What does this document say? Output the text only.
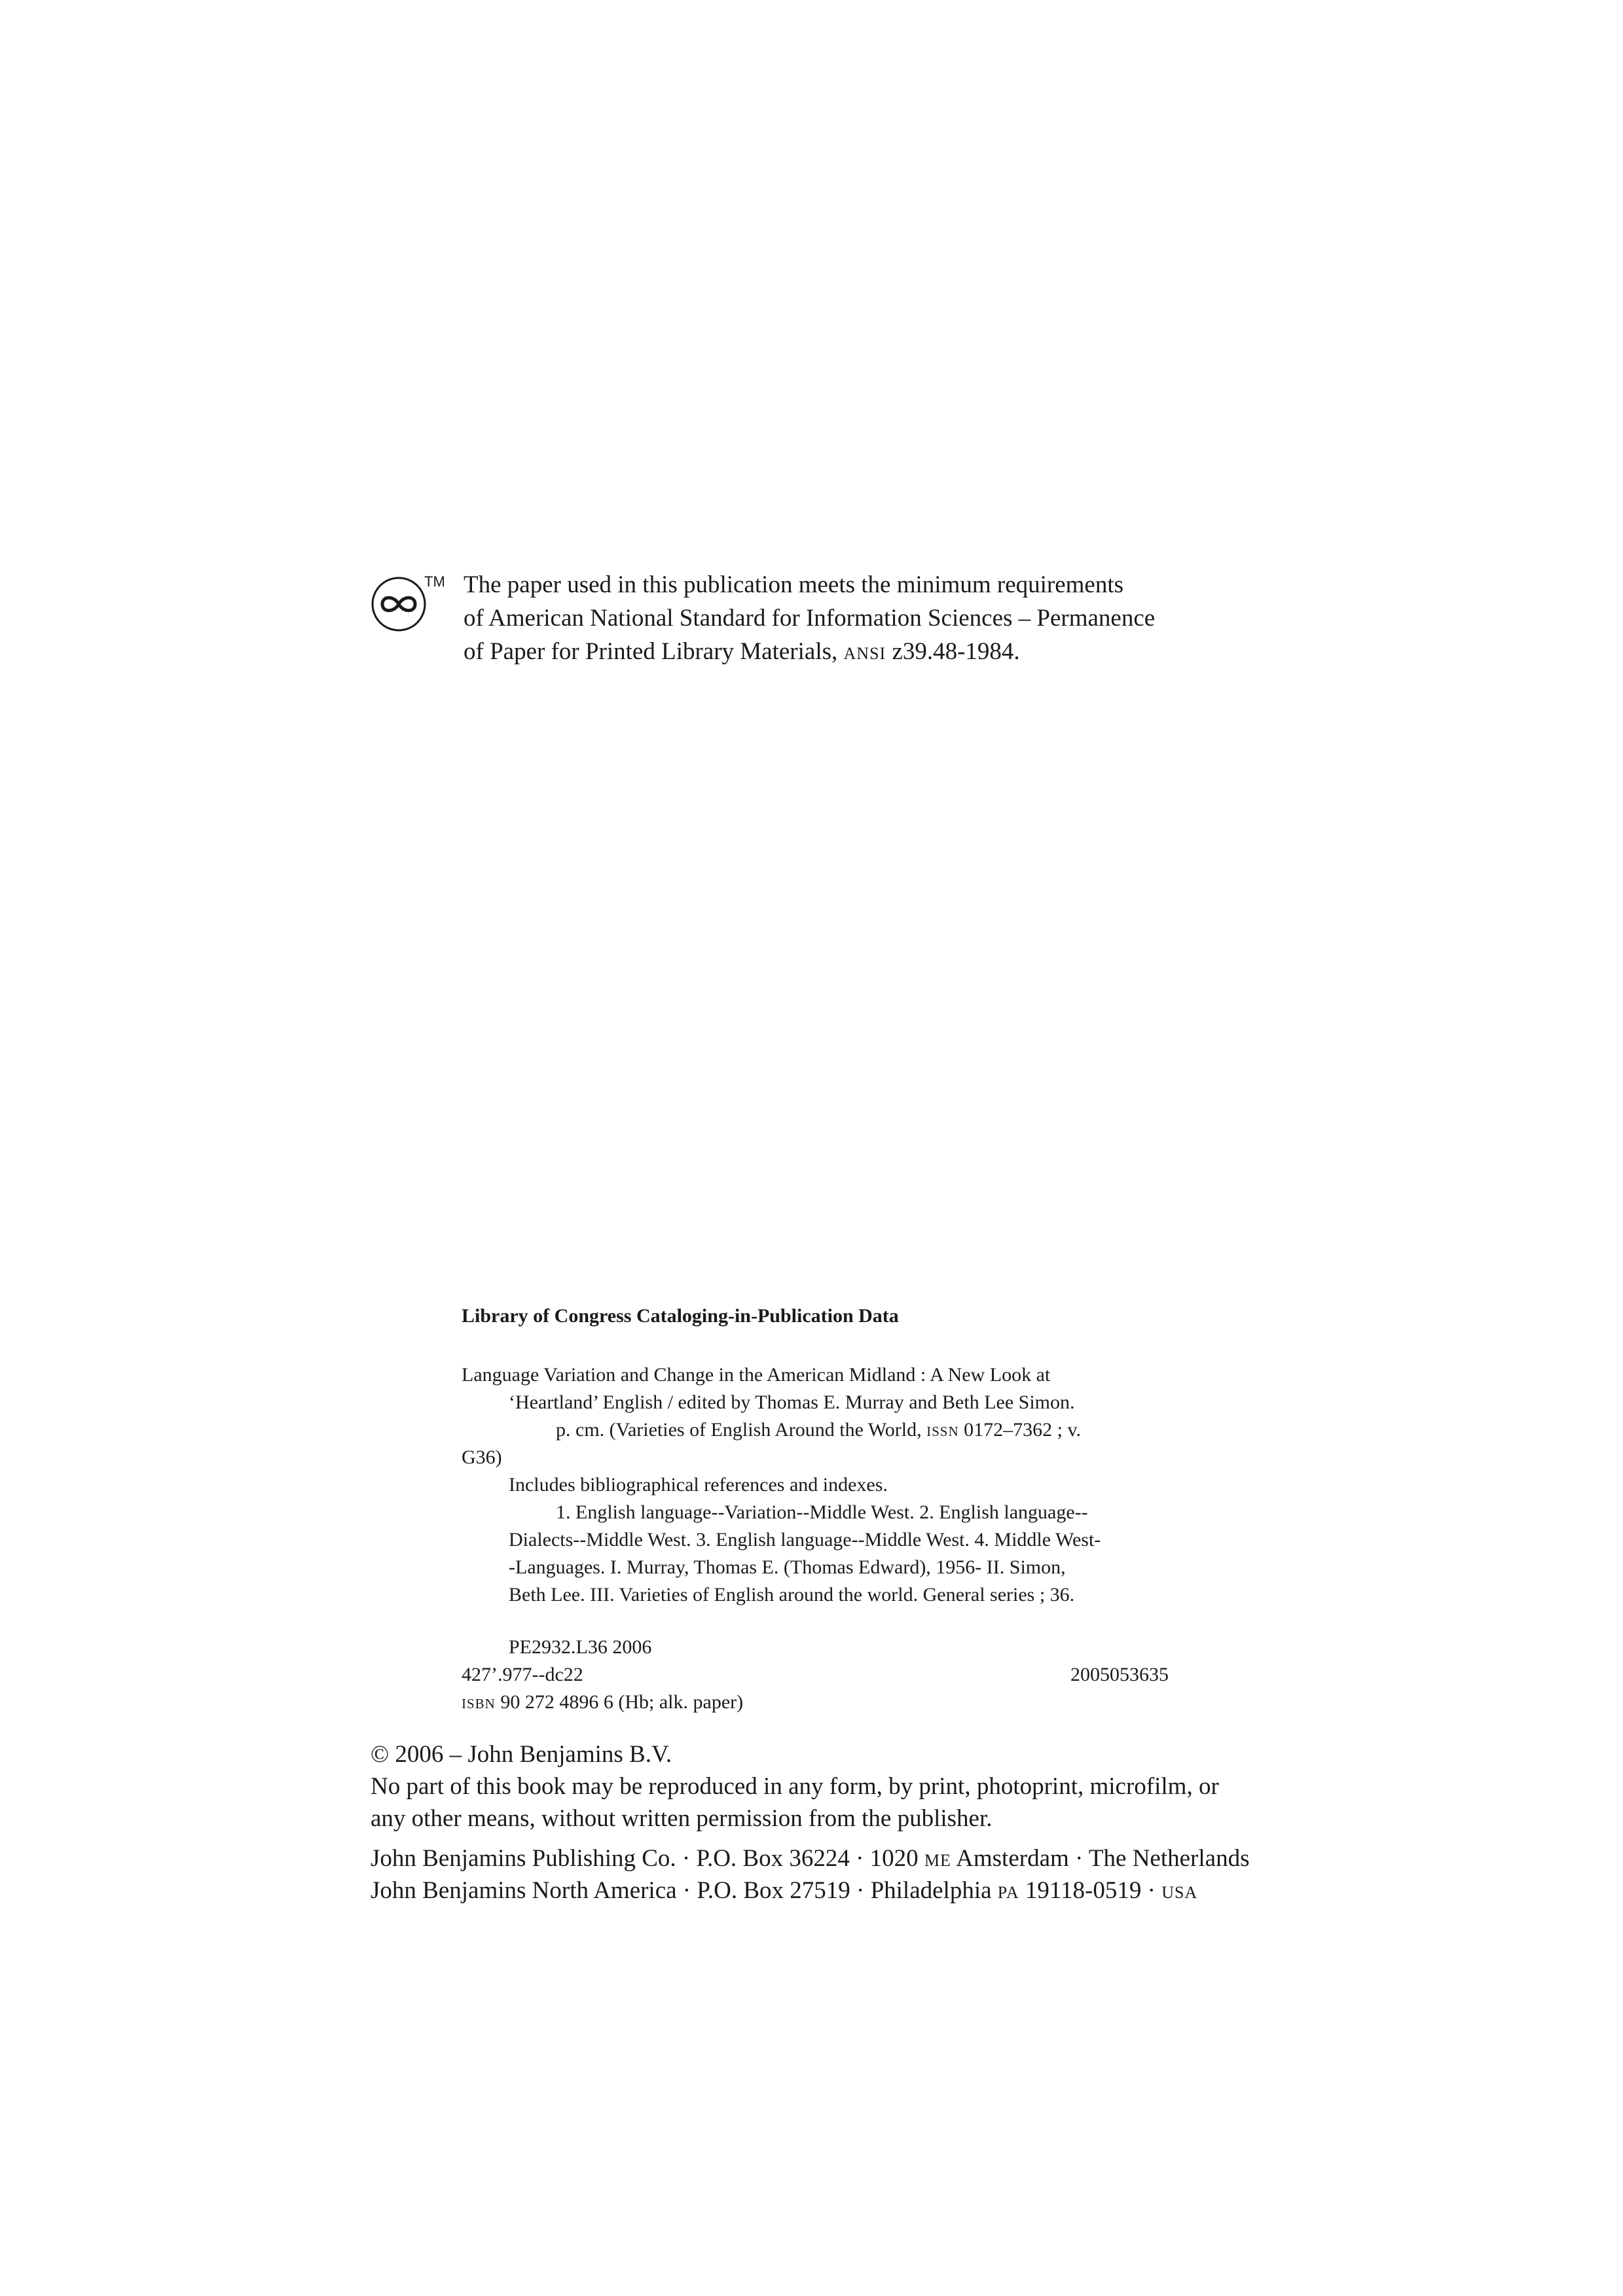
TM The paper used in this publication meets the minimum requirements
of American National Standard for Information Sciences – Permanence
of Paper for Printed Library Materials, ansi z39.48-1984.
Library of Congress Cataloging-in-Publication Data
Language Variation and Change in the American Midland : A New Look at
‘Heartland’ English / edited by Thomas E. Murray and Beth Lee Simon.
p. cm. (Varieties of English Around the World, issn 0172–7362 ; v.
G36)
Includes bibliographical references and indexes.
1. English language--Variation--Middle West. 2. English language--
Dialects--Middle West. 3. English language--Middle West. 4. Middle West-
-Languages. I. Murray, Thomas E. (Thomas Edward), 1956- II. Simon,
Beth Lee. III. Varieties of English around the world. General series ; 36.
PE2932.L36 2006
427’.977--dc22	2005053635
isbn 90 272 4896 6 (Hb; alk. paper)

© 2006 – John Benjamins B.V.

No part of this book may be reproduced in any form, by print, photoprint, microfilm, or

any other means, without written permission from the publisher.

John Benjamins Publishing Co. · P.O. Box 36224 · 1020 me Amsterdam · The Netherlands

John Benjamins North America · P.O. Box 27519 · Philadelphia pa 19118-0519 · usa
